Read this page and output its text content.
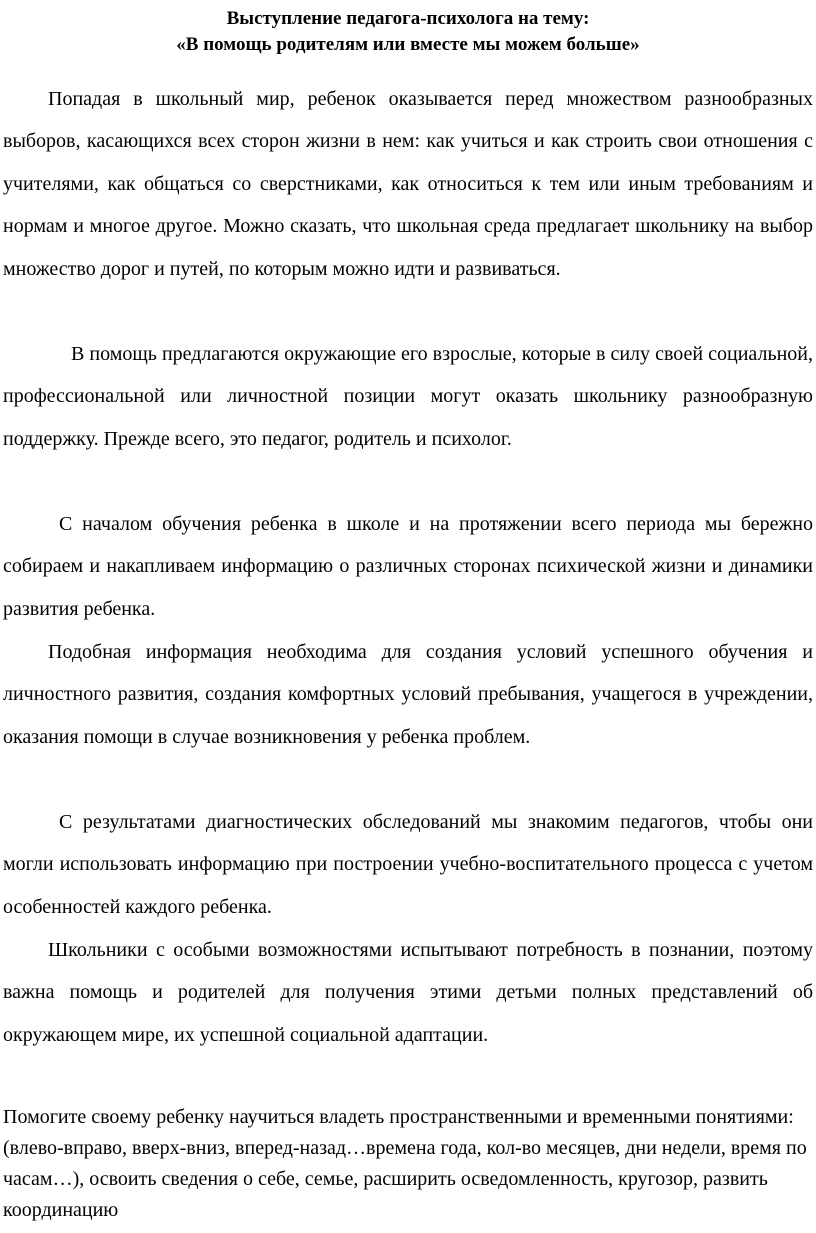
Выступление педагога-психолога на тему:
«В помощь родителям или вместе мы можем больше»

Попадая в школьный мир, ребенок оказывается перед множеством разнообразных выборов, касающихся всех сторон жизни в нем: как учиться и как строить свои отношения с учителями, как общаться со сверстниками, как относиться к тем или иным требованиям и нормам и многое другое. Можно сказать, что школьная среда предлагает школьнику на выбор множество дорог и путей, по которым можно идти и развиваться.

В помощь предлагаются окружающие его взрослые, которые в силу своей социальной, профессиональной или личностной позиции могут оказать школьнику разнообразную поддержку. Прежде всего, это педагог, родитель и психолог.

С началом обучения ребенка в школе и на протяжении всего периода мы бережно собираем и накапливаем информацию о различных сторонах психической жизни и динамики развития ребенка.

Подобная информация необходима для создания условий успешного обучения и личностного развития, создания комфортных условий пребывания, учащегося в учреждении, оказания помощи в случае возникновения у ребенка проблем.

С результатами диагностических обследований мы знакомим педагогов, чтобы они могли использовать информацию при построении учебно-воспитательного процесса с учетом особенностей каждого ребенка.

Школьники с особыми возможностями испытывают потребность в познании, поэтому важна помощь и родителей для получения этими детьми полных представлений об окружающем мире, их успешной социальной адаптации.

Помогите своему ребенку научиться владеть пространственными и временными понятиями: (влево-вправо, вверх-вниз, вперед-назад…времена года, кол-во месяцев, дни недели, время по часам…), освоить сведения о себе, семье, расширить осведомленность, кругозор, развить координацию
